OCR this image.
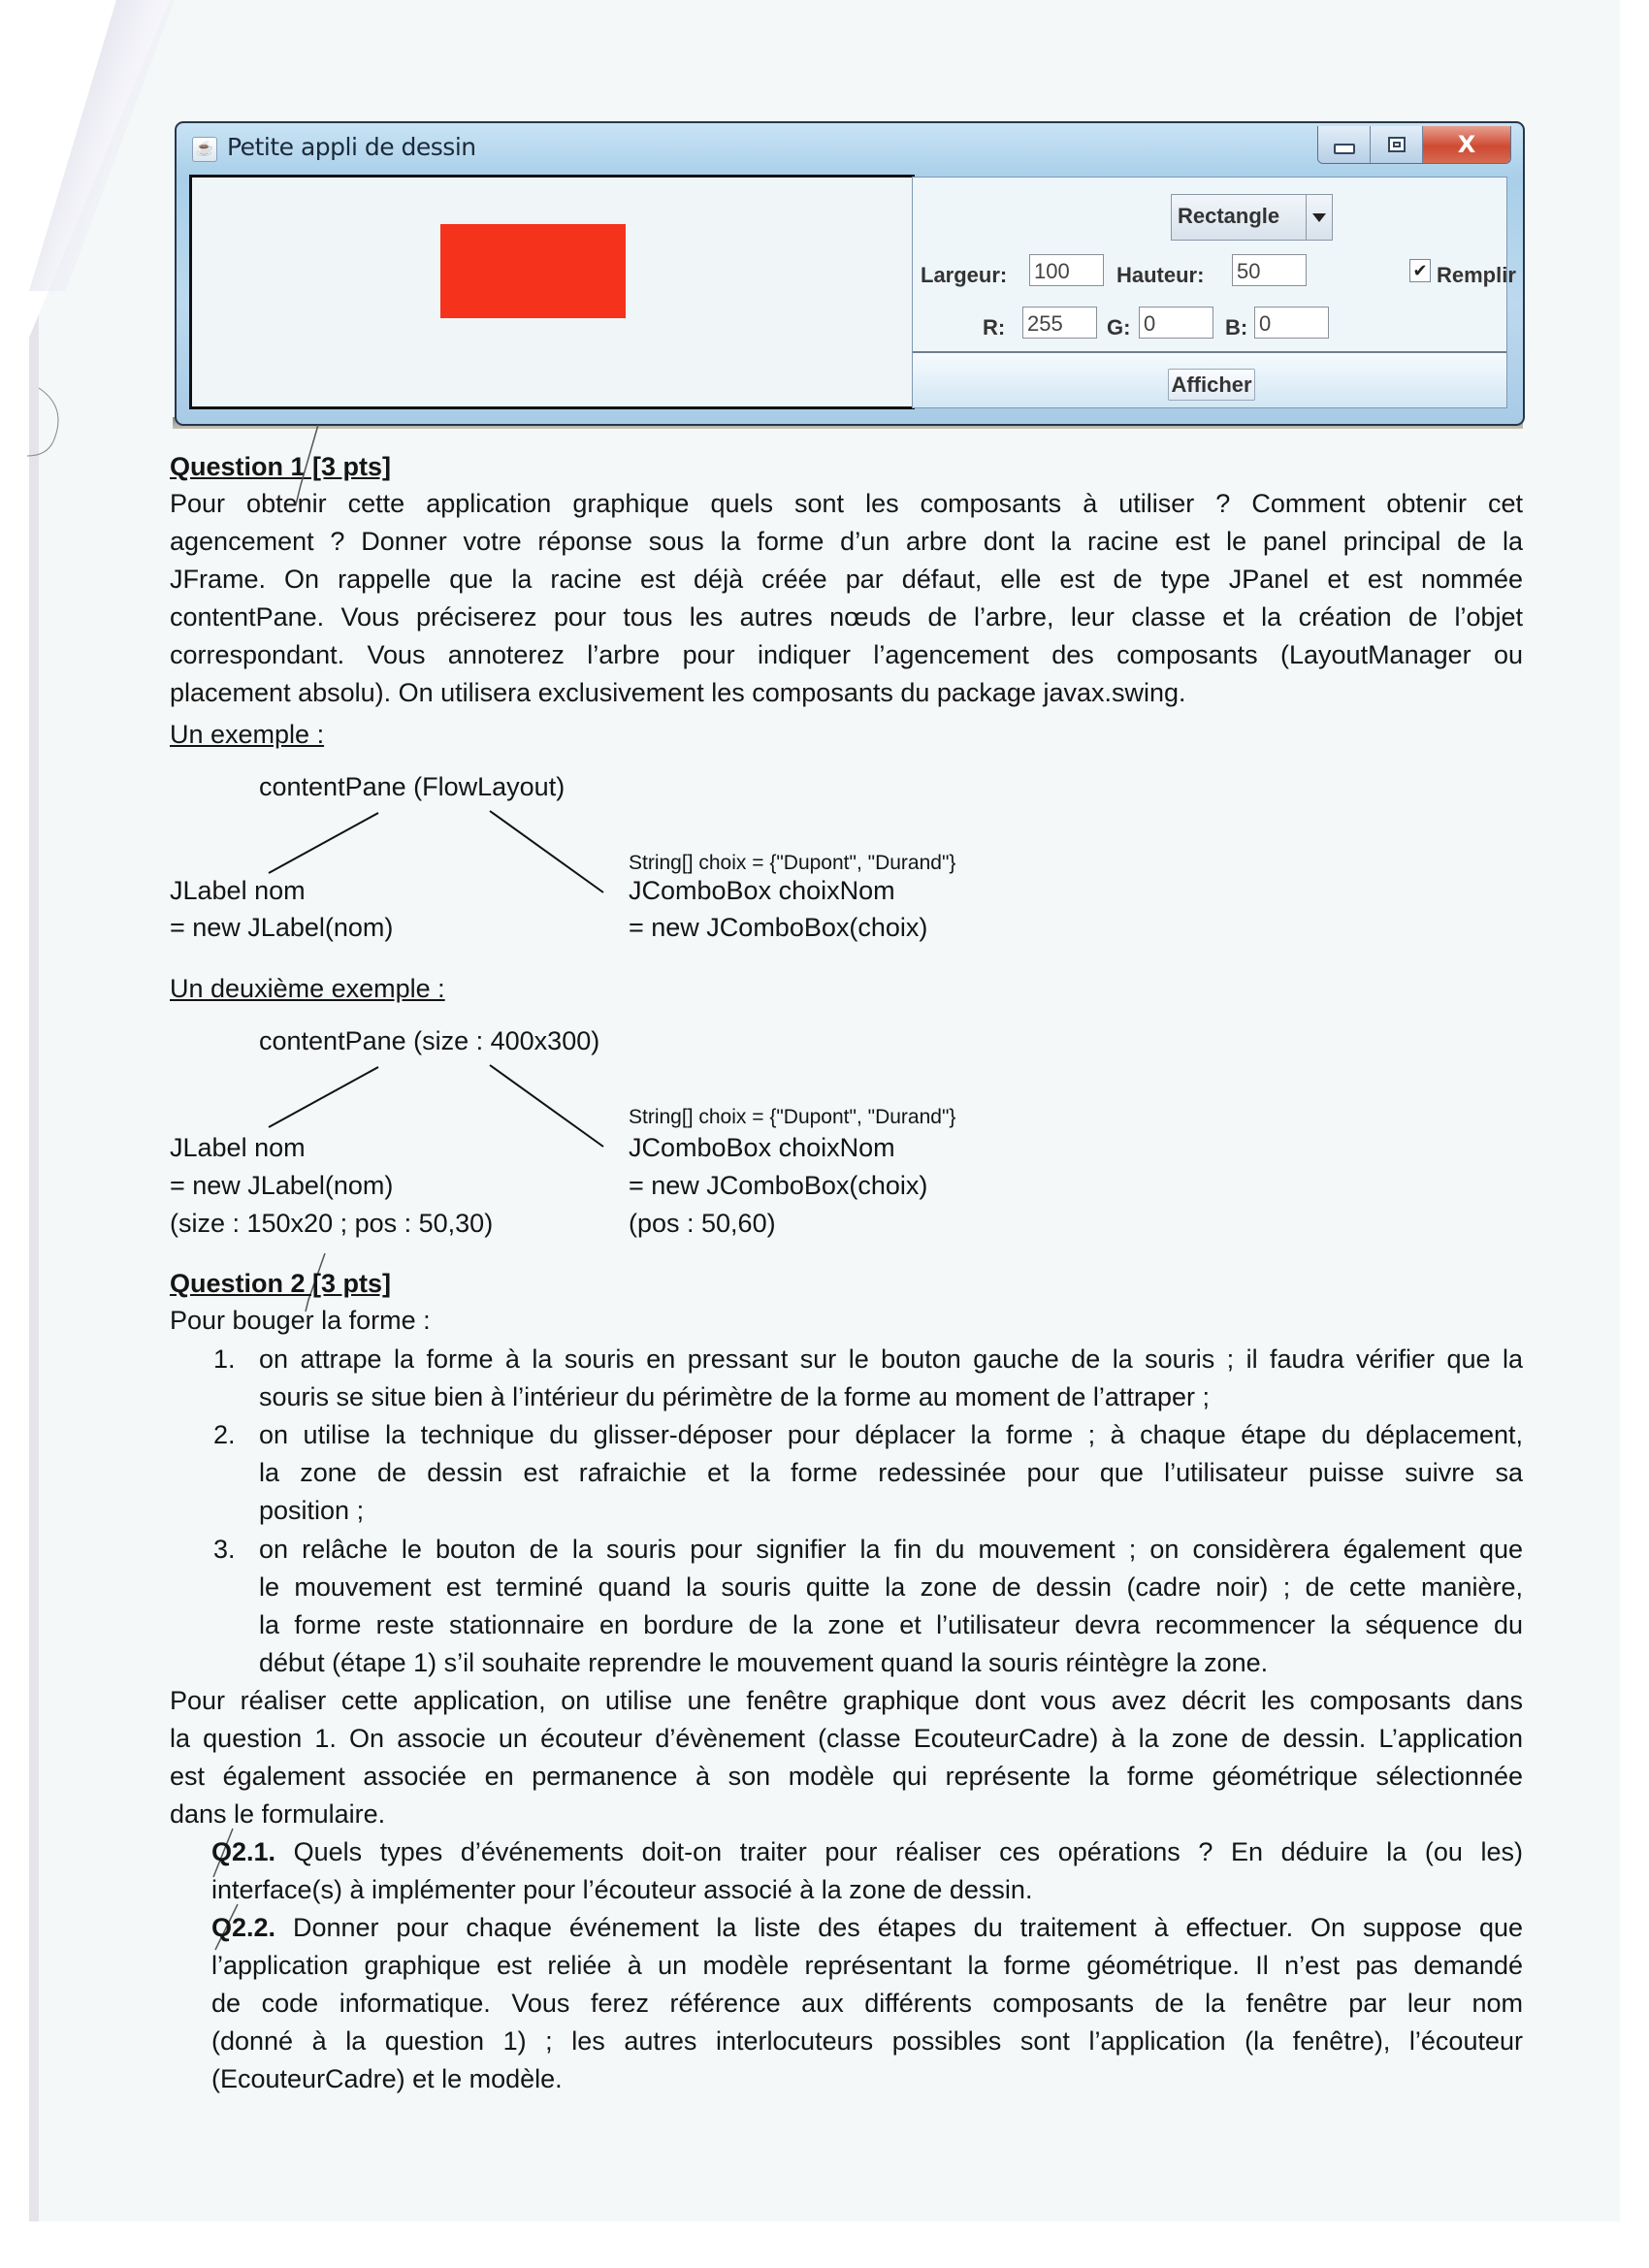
☕ Petite appli de dessin	X
Rectangle
Largeur: 100	Hauteur: 50	✔ Remplir
R: 255	G: 0	B: 0
Afficher
Question 1 [3 pts]
Pour obtenir cette application graphique quels sont les composants à utiliser ? Comment obtenir cet
agencement ? Donner votre réponse sous la forme d’un arbre dont la racine est le panel principal de la
JFrame. On rappelle que la racine est déjà créée par défaut, elle est de type JPanel et est nommée
contentPane. Vous préciserez pour tous les autres nœuds de l’arbre, leur classe et la création de l’objet
correspondant. Vous annoterez l’arbre pour indiquer l’agencement des composants (LayoutManager ou
placement absolu). On utilisera exclusivement les composants du package javax.swing.
Un exemple :
contentPane (FlowLayout)
String[] choix = {"Dupont", "Durand"}
JLabel nom
= new JLabel(nom)
JComboBox choixNom
= new JComboBox(choix)
Un deuxième exemple :
contentPane (size : 400x300)
String[] choix = {"Dupont", "Durand"}
JLabel nom
= new JLabel(nom)
(size : 150x20 ; pos : 50,30)
JComboBox choixNom
= new JComboBox(choix)
(pos : 50,60)
Question 2 [3 pts]
Pour bouger la forme :
1. on attrape la forme à la souris en pressant sur le bouton gauche de la souris ; il faudra vérifier que la
souris se situe bien à l’intérieur du périmètre de la forme au moment de l’attraper ;
2. on utilise la technique du glisser-déposer pour déplacer la forme ; à chaque étape du déplacement,
la zone de dessin est rafraichie et la forme redessinée pour que l’utilisateur puisse suivre sa
position ;
3. on relâche le bouton de la souris pour signifier la fin du mouvement ; on considèrera également que
le mouvement est terminé quand la souris quitte la zone de dessin (cadre noir) ; de cette manière,
la forme reste stationnaire en bordure de la zone et l’utilisateur devra recommencer la séquence du
début (étape 1) s’il souhaite reprendre le mouvement quand la souris réintègre la zone.
Pour réaliser cette application, on utilise une fenêtre graphique dont vous avez décrit les composants dans
la question 1. On associe un écouteur d’évènement (classe EcouteurCadre) à la zone de dessin. L’application
est également associée en permanence à son modèle qui représente la forme géométrique sélectionnée
dans le formulaire.
Q2.1. Quels types d’événements doit-on traiter pour réaliser ces opérations ? En déduire la (ou les)
interface(s) à implémenter pour l’écouteur associé à la zone de dessin.
Q2.2. Donner pour chaque événement la liste des étapes du traitement à effectuer. On suppose que
l’application graphique est reliée à un modèle représentant la forme géométrique. Il n’est pas demandé
de code informatique. Vous ferez référence aux différents composants de la fenêtre par leur nom
(donné à la question 1) ; les autres interlocuteurs possibles sont l’application (la fenêtre), l’écouteur
(EcouteurCadre) et le modèle.
